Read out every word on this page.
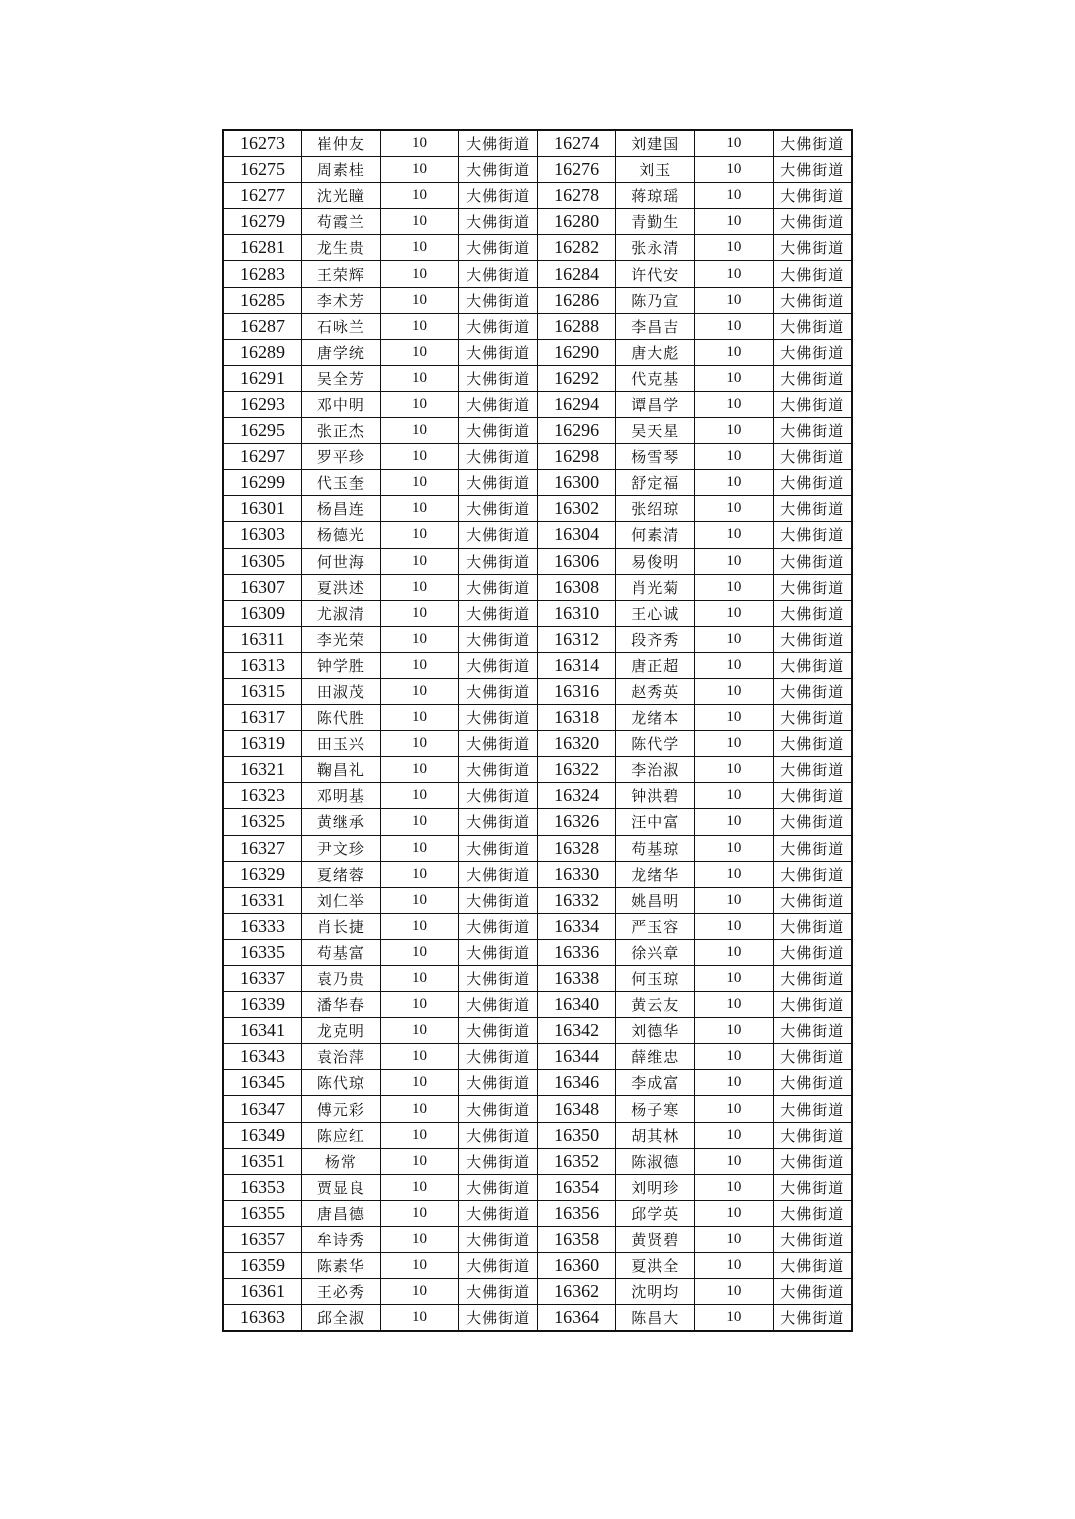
16273	崔仲友	10	大佛街道	16274	刘建国	10	大佛街道
16275	周素桂	10	大佛街道	16276	刘玉	10	大佛街道
16277	沈光瞳	10	大佛街道	16278	蒋琼瑶	10	大佛街道
16279	苟霞兰	10	大佛街道	16280	青勤生	10	大佛街道
16281	龙生贵	10	大佛街道	16282	张永清	10	大佛街道
16283	王荣辉	10	大佛街道	16284	许代安	10	大佛街道
16285	李术芳	10	大佛街道	16286	陈乃宣	10	大佛街道
16287	石咏兰	10	大佛街道	16288	李昌吉	10	大佛街道
16289	唐学统	10	大佛街道	16290	唐大彪	10	大佛街道
16291	吴全芳	10	大佛街道	16292	代克基	10	大佛街道
16293	邓中明	10	大佛街道	16294	谭昌学	10	大佛街道
16295	张正杰	10	大佛街道	16296	吴天星	10	大佛街道
16297	罗平珍	10	大佛街道	16298	杨雪琴	10	大佛街道
16299	代玉奎	10	大佛街道	16300	舒定福	10	大佛街道
16301	杨昌连	10	大佛街道	16302	张绍琼	10	大佛街道
16303	杨德光	10	大佛街道	16304	何素清	10	大佛街道
16305	何世海	10	大佛街道	16306	易俊明	10	大佛街道
16307	夏洪述	10	大佛街道	16308	肖光菊	10	大佛街道
16309	尤淑清	10	大佛街道	16310	王心诚	10	大佛街道
16311	李光荣	10	大佛街道	16312	段齐秀	10	大佛街道
16313	钟学胜	10	大佛街道	16314	唐正超	10	大佛街道
16315	田淑茂	10	大佛街道	16316	赵秀英	10	大佛街道
16317	陈代胜	10	大佛街道	16318	龙绪本	10	大佛街道
16319	田玉兴	10	大佛街道	16320	陈代学	10	大佛街道
16321	鞠昌礼	10	大佛街道	16322	李治淑	10	大佛街道
16323	邓明基	10	大佛街道	16324	钟洪碧	10	大佛街道
16325	黄继承	10	大佛街道	16326	汪中富	10	大佛街道
16327	尹文珍	10	大佛街道	16328	苟基琼	10	大佛街道
16329	夏绪蓉	10	大佛街道	16330	龙绪华	10	大佛街道
16331	刘仁举	10	大佛街道	16332	姚昌明	10	大佛街道
16333	肖长捷	10	大佛街道	16334	严玉容	10	大佛街道
16335	苟基富	10	大佛街道	16336	徐兴章	10	大佛街道
16337	袁乃贵	10	大佛街道	16338	何玉琼	10	大佛街道
16339	潘华春	10	大佛街道	16340	黄云友	10	大佛街道
16341	龙克明	10	大佛街道	16342	刘德华	10	大佛街道
16343	袁治萍	10	大佛街道	16344	薛维忠	10	大佛街道
16345	陈代琼	10	大佛街道	16346	李成富	10	大佛街道
16347	傅元彩	10	大佛街道	16348	杨子寒	10	大佛街道
16349	陈应红	10	大佛街道	16350	胡其林	10	大佛街道
16351	杨常	10	大佛街道	16352	陈淑德	10	大佛街道
16353	贾显良	10	大佛街道	16354	刘明珍	10	大佛街道
16355	唐昌德	10	大佛街道	16356	邱学英	10	大佛街道
16357	牟诗秀	10	大佛街道	16358	黄贤碧	10	大佛街道
16359	陈素华	10	大佛街道	16360	夏洪全	10	大佛街道
16361	王必秀	10	大佛街道	16362	沈明均	10	大佛街道
16363	邱全淑	10	大佛街道	16364	陈昌大	10	大佛街道
